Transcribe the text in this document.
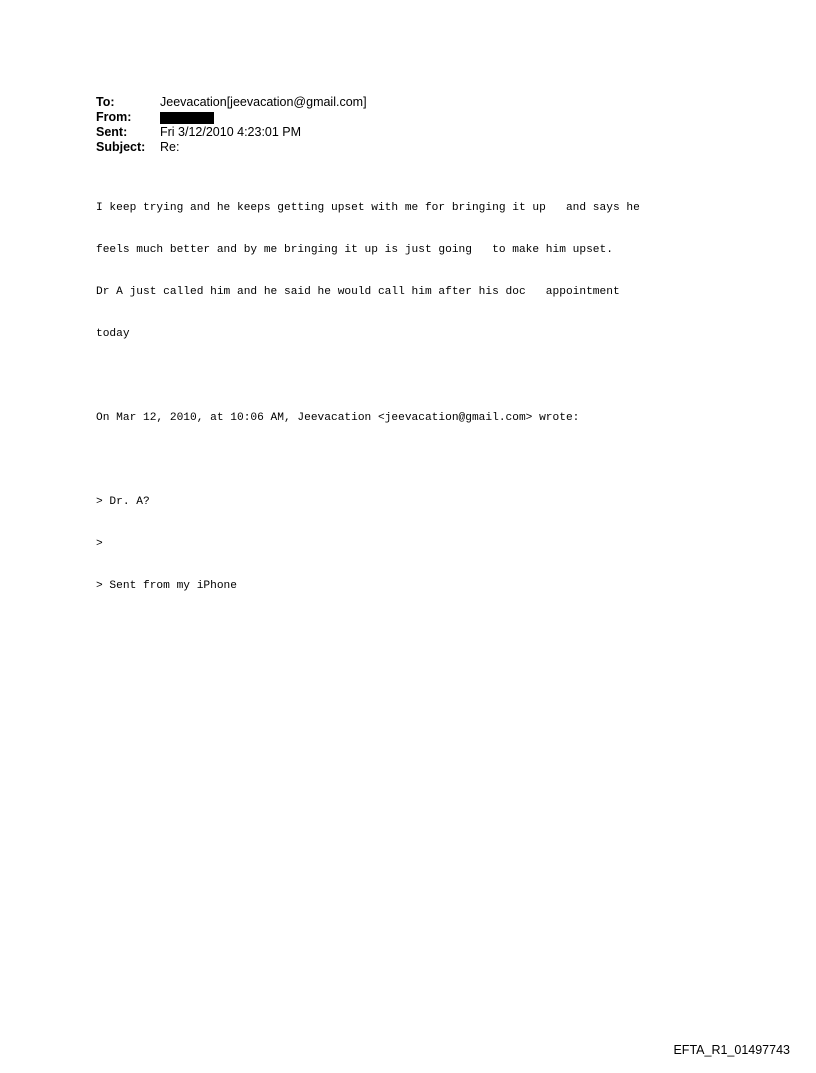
To:	Jeevacation[jeevacation@gmail.com]
From:
Sent:	Fri 3/12/2010 4:23:01 PM
Subject:	Re:

I keep trying and he keeps getting upset with me for bringing it up   and says he

feels much better and by me bringing it up is just going   to make him upset.

Dr A just called him and he said he would call him after his doc   appointment

today

On Mar 12, 2010, at 10:06 AM, Jeevacation <jeevacation@gmail.com> wrote:

> Dr. A?

>

> Sent from my iPhone

EFTA_R1_01497743
